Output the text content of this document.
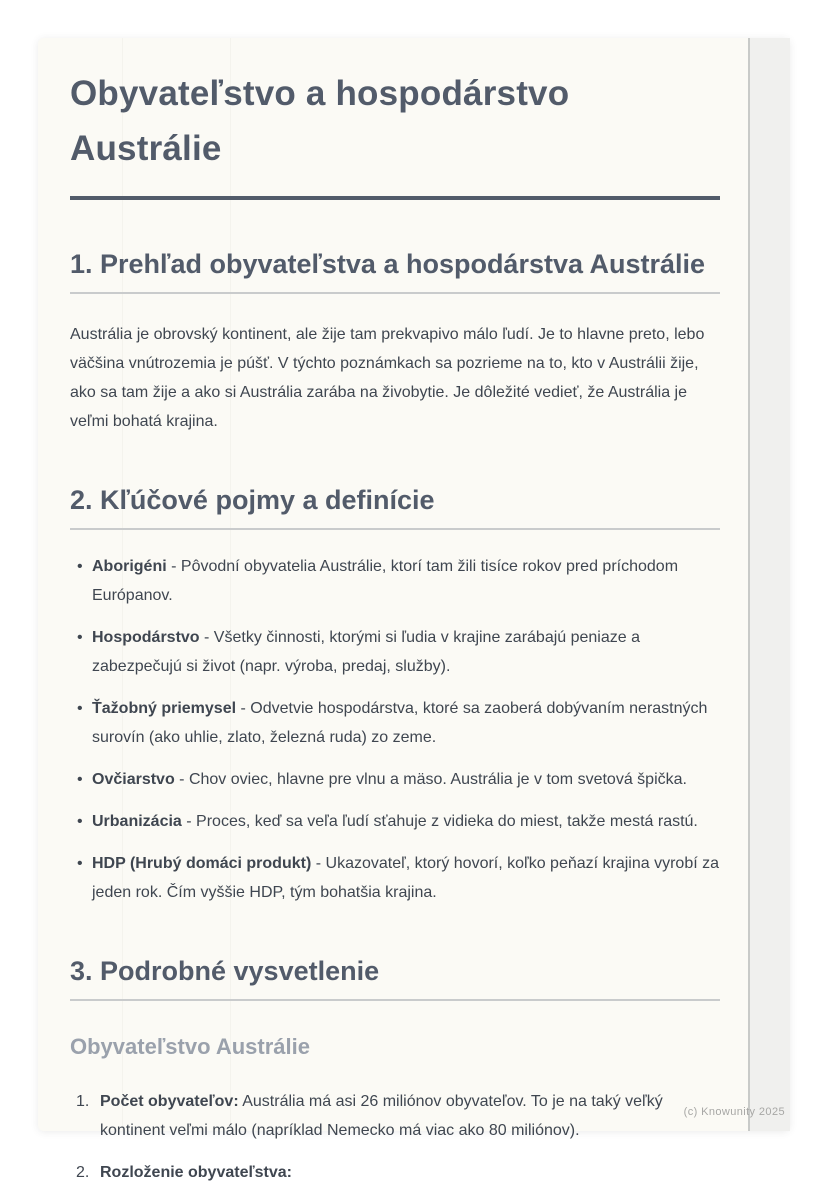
Obyvateľstvo a hospodárstvo Austrálie
1. Prehľad obyvateľstva a hospodárstva Austrálie

Austrália je obrovský kontinent, ale žije tam prekvapivo málo ľudí. Je to hlavne preto, lebo väčšina vnútrozemia je púšť. V týchto poznámkach sa pozrieme na to, kto v Austrálii žije, ako sa tam žije a ako si Austrália zarába na živobytie. Je dôležité vedieť, že Austrália je veľmi bohatá krajina.

2. Kľúčové pojmy a definície
• Aborigéni - Pôvodní obyvatelia Austrálie, ktorí tam žili tisíce rokov pred príchodom Európanov.
• Hospodárstvo - Všetky činnosti, ktorými si ľudia v krajine zarábajú peniaze a zabezpečujú si život (napr. výroba, predaj, služby).
• Ťažobný priemysel - Odvetvie hospodárstva, ktoré sa zaoberá dobývaním nerastných surovín (ako uhlie, zlato, železná ruda) zo zeme.
• Ovčiarstvo - Chov oviec, hlavne pre vlnu a mäso. Austrália je v tom svetová špička.
• Urbanizácia - Proces, keď sa veľa ľudí sťahuje z vidieka do miest, takže mestá rastú.
• HDP (Hrubý domáci produkt) - Ukazovateľ, ktorý hovorí, koľko peňazí krajina vyrobí za jeden rok. Čím vyššie HDP, tým bohatšia krajina.
3. Podrobné vysvetlenie
Obyvateľstvo Austrálie
1. Počet obyvateľov: Austrália má asi 26 miliónov obyvateľov. To je na taký veľký kontinent veľmi málo (napríklad Nemecko má viac ako 80 miliónov).
2. Rozloženie obyvateľstva:
(c) Knowunity 2025
